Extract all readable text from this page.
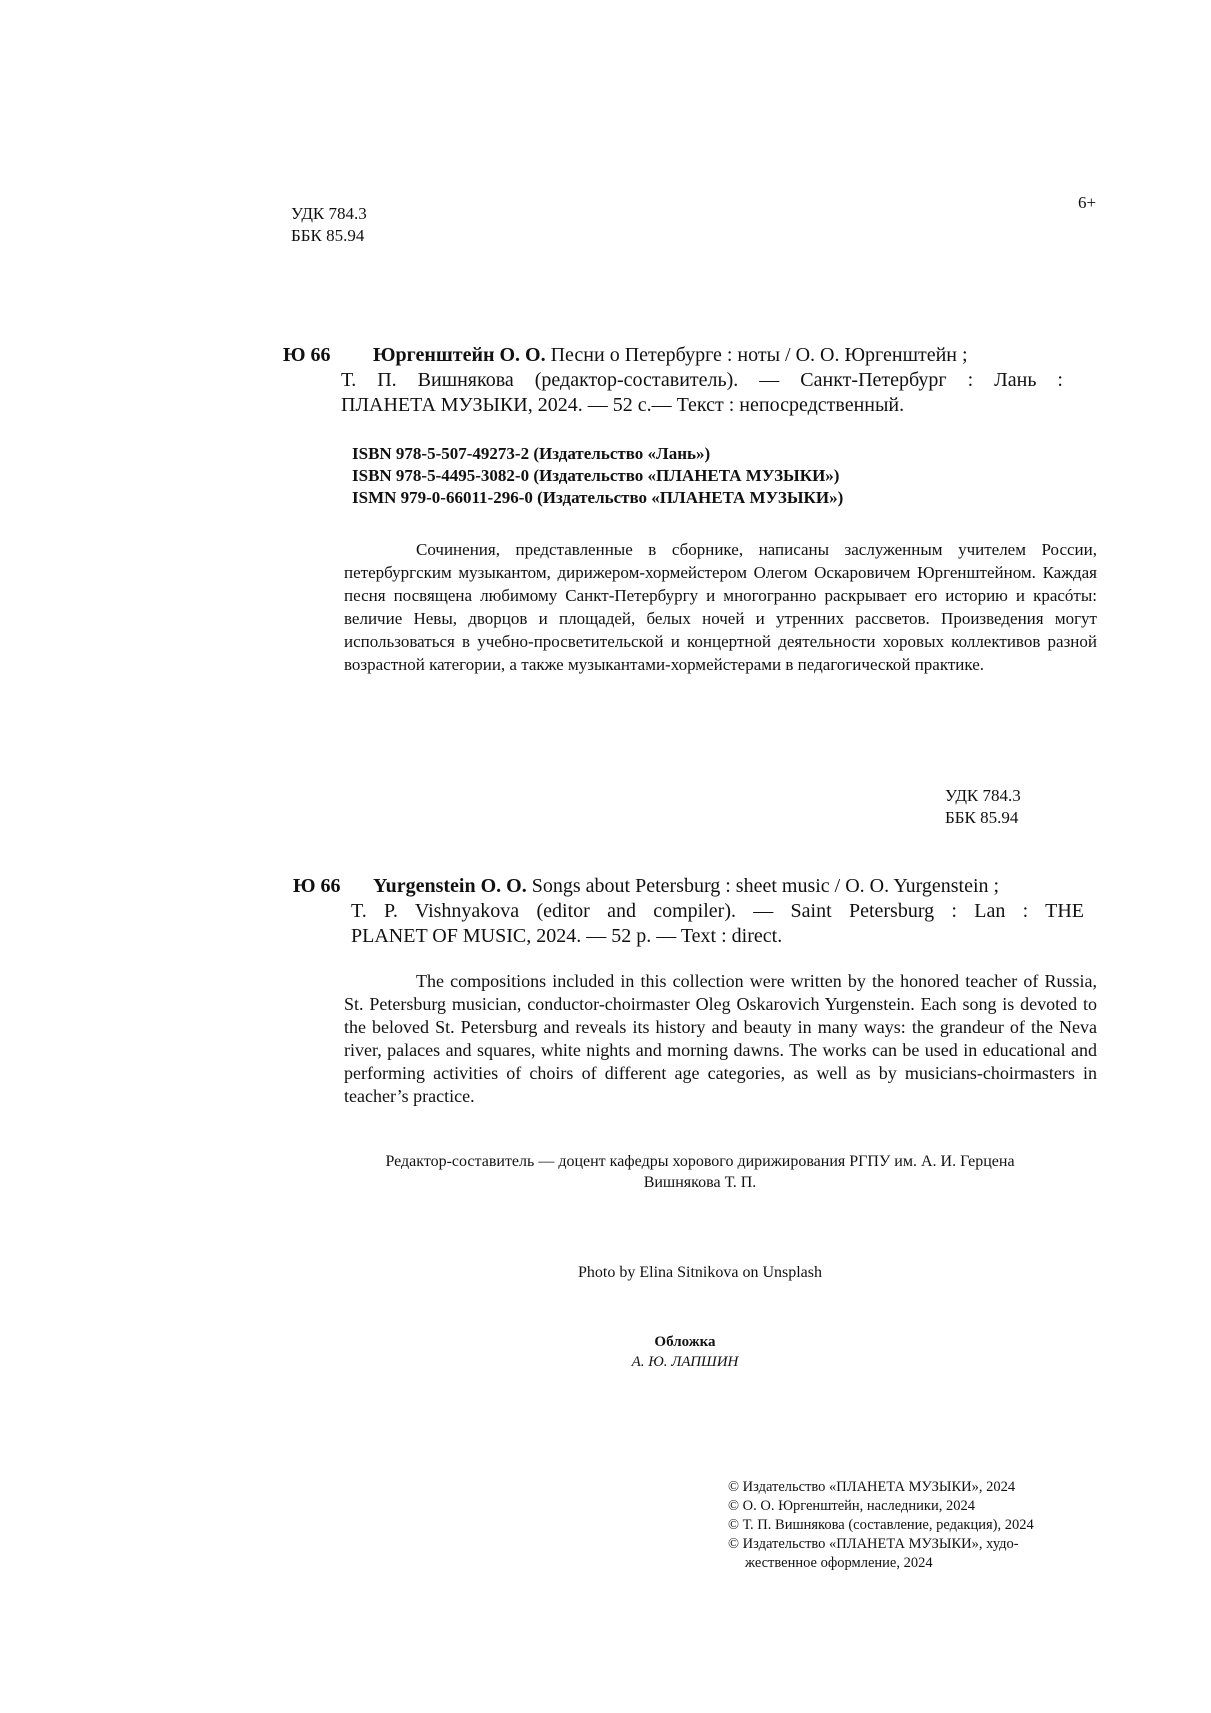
УДК 784.3
ББК 85.94
6+
Ю 66 Юргенштейн О. О. Песни о Петербурге : ноты / О. О. Юргенштейн ;
Т. П. Вишнякова (редактор-составитель). — Санкт-Петербург : Лань :
ПЛАНЕТА МУЗЫКИ, 2024. — 52 с.— Текст : непосредственный.
ISBN 978-5-507-49273-2 (Издательство «Лань»)
ISBN 978-5-4495-3082-0 (Издательство «ПЛАНЕТА МУЗЫКИ»)
ISMN 979-0-66011-296-0 (Издательство «ПЛАНЕТА МУЗЫКИ»)
Сочинения, представленные в сборнике, написаны заслуженным учителем России, петербургским музыкантом, дирижером-хормейстером Олегом Оскаровичем Юргенштейном. Каждая песня посвящена любимому Санкт-Петербургу и многогранно раскрывает его историю и красóты: величие Невы, дворцов и площадей, белых ночей и утренних рассветов. Произведения могут использоваться в учебно-просветительской и концертной деятельности хоровых коллективов разной возрастной категории, а также музыкантами-хормейстерами в педагогической практике.
УДК 784.3
ББК 85.94
Ю 66 Yurgenstein O. O. Songs about Petersburg : sheet music / O. O. Yurgenstein ;
T. P. Vishnyakova (editor and compiler). — Saint Petersburg : Lan : THE
PLANET OF MUSIC, 2024. — 52 p. — Text : direct.
The compositions included in this collection were written by the honored teacher of Russia, St. Petersburg musician, conductor-choirmaster Oleg Oskarovich Yurgenstein. Each song is devoted to the beloved St. Petersburg and reveals its history and beauty in many ways: the grandeur of the Neva river, palaces and squares, white nights and morning dawns. The works can be used in educational and performing activities of choirs of different age categories, as well as by musicians-choirmasters in teacher’s practice.
Редактор-составитель — доцент кафедры хорового дирижирования РГПУ им. А. И. Герцена
Вишнякова Т. П.
Photo by Elina Sitnikova on Unsplash
Обложка
А. Ю. ЛАПШИН
© Издательство «ПЛАНЕТА МУЗЫКИ», 2024
© О. О. Юргенштейн, наследники, 2024
© Т. П. Вишнякова (составление, редакция), 2024
© Издательство «ПЛАНЕТА МУЗЫКИ», худо-
жественное оформление, 2024
